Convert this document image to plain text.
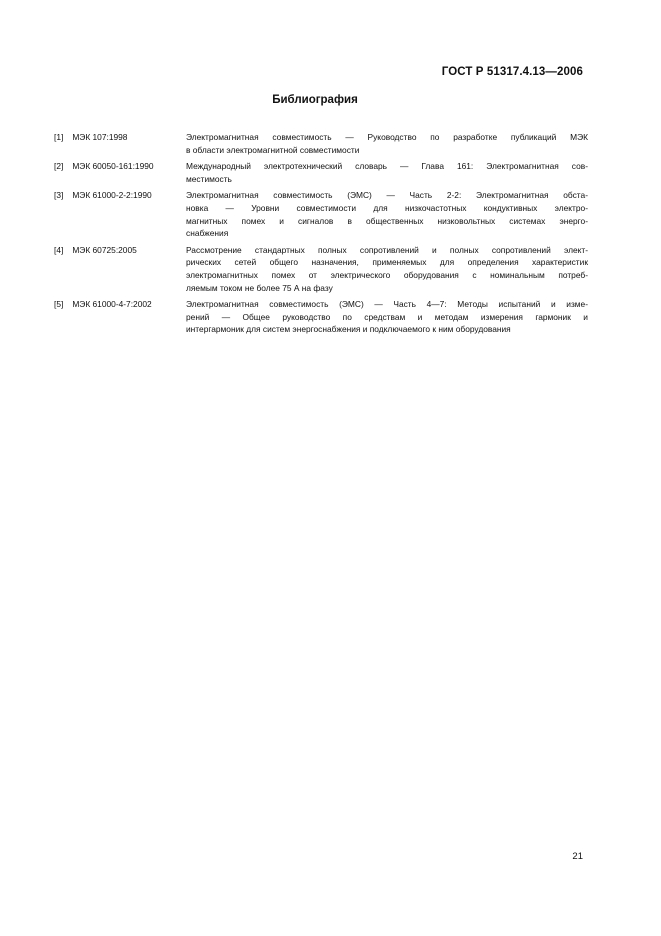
ГОСТ Р 51317.4.13—2006
Библиография
[1] МЭК 107:1998	Электромагнитная совместимость — Руководство по разработке публикаций МЭК
в области электромагнитной совместимости
[2] МЭК 60050-161:1990	Международный электротехнический словарь — Глава 161: Электромагнитная сов-
местимость
[3] МЭК 61000-2-2:1990	Электромагнитная совместимость (ЭМС) — Часть 2-2: Электромагнитная обста-
новка — Уровни совместимости для низкочастотных кондуктивных электро-
магнитных помех и сигналов в общественных низковольтных системах энерго-
снабжения
[4] МЭК 60725:2005	Рассмотрение стандартных полных сопротивлений и полных сопротивлений элект-
рических сетей общего назначения, применяемых для определения характеристик
электромагнитных помех от электрического оборудования с номинальным потреб-
ляемым током не более 75 А на фазу
[5] МЭК 61000-4-7:2002	Электромагнитная совместимость (ЭМС) — Часть 4—7: Методы испытаний и изме-
рений — Общее руководство по средствам и методам измерения гармоник и
интергармоник для систем энергоснабжения и подключаемого к ним оборудования
21
